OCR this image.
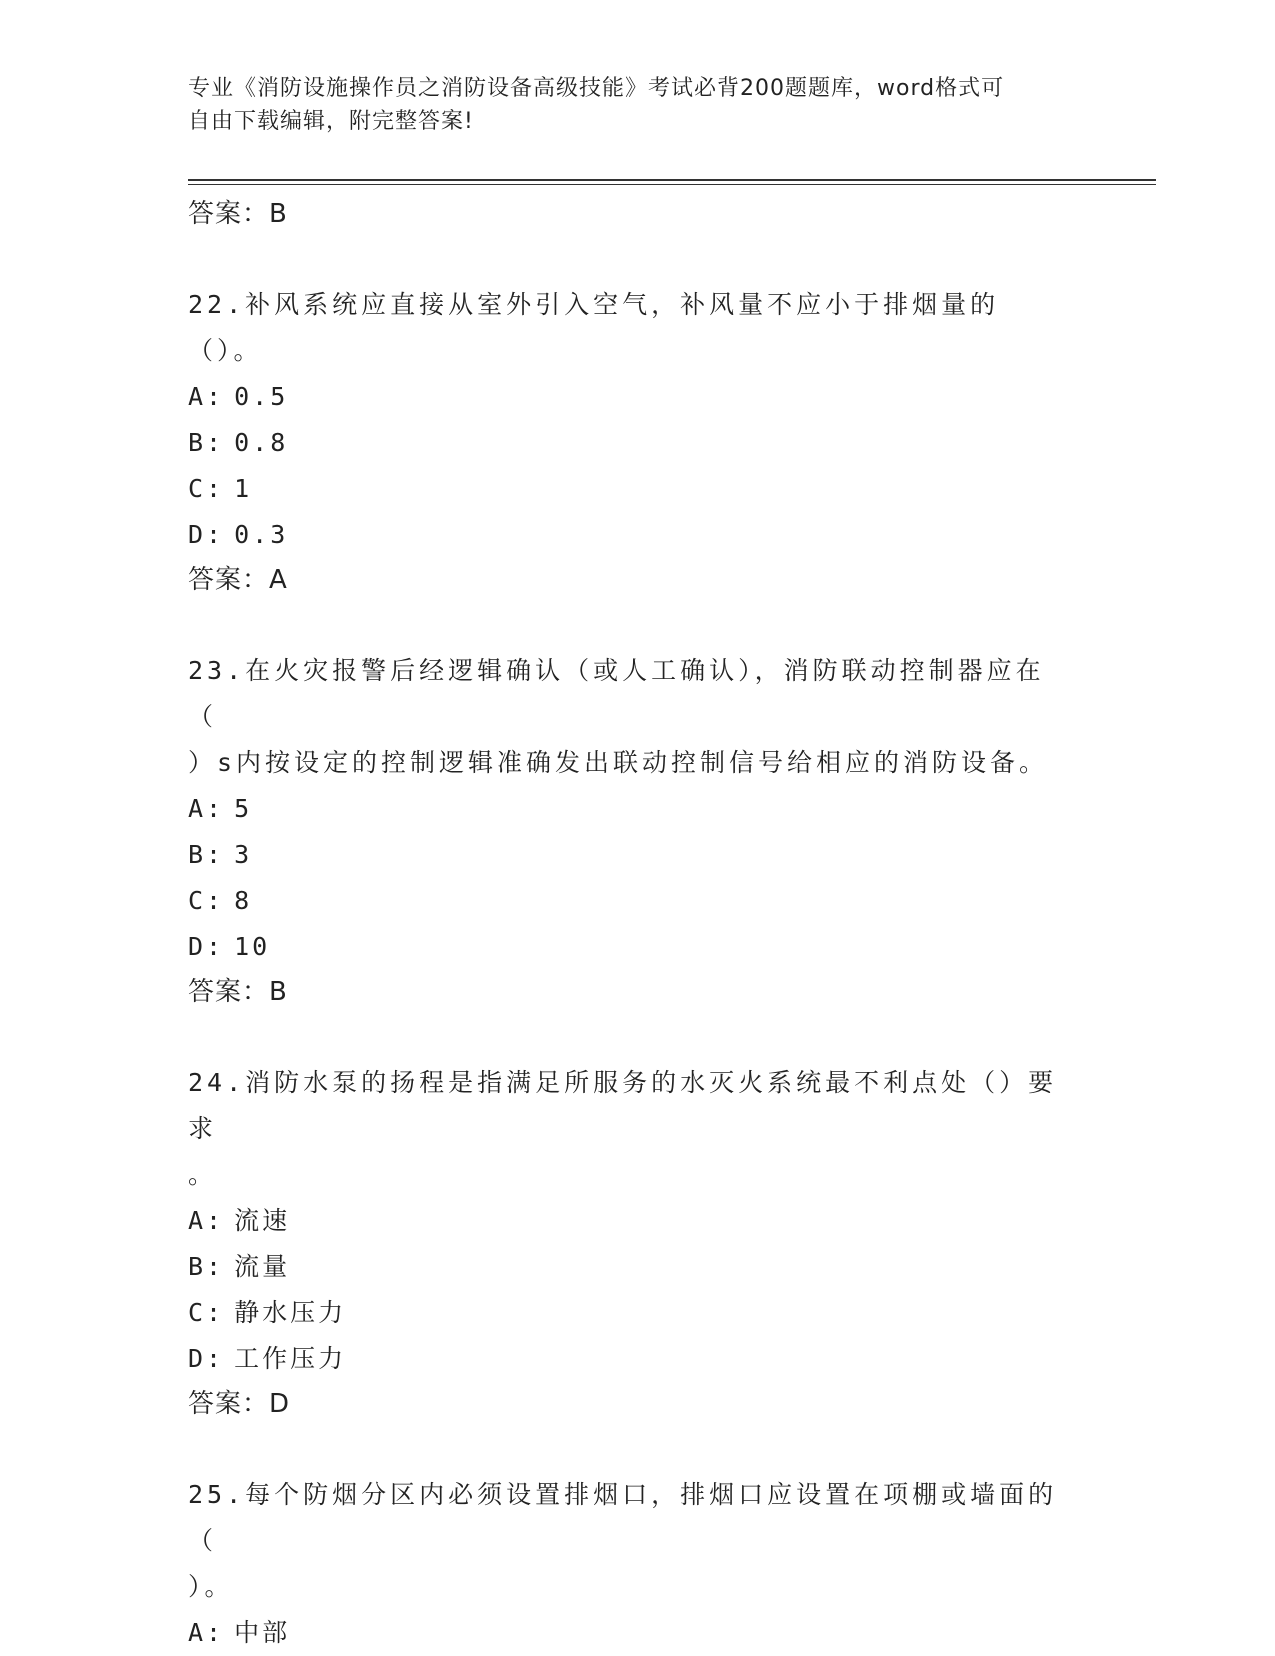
专业《消防设施操作员之消防设备高级技能》考试必背200题题库，word格式可
自由下载编辑，附完整答案!
答案：B
22.补风系统应直接从室外引入空气，补风量不应小于排烟量的（）。
A: 0.5
B: 0.8
C: 1
D: 0.3
答案：A
23.在火灾报警后经逻辑确认（或人工确认），消防联动控制器应在（
）s内按设定的控制逻辑准确发出联动控制信号给相应的消防设备。
A: 5
B: 3
C: 8
D: 10
答案：B
24.消防水泵的扬程是指满足所服务的水灭火系统最不利点处（）要求
。
A: 流速
B: 流量
C: 静水压力
D: 工作压力
答案：D
25.每个防烟分区内必须设置排烟口，排烟口应设置在项棚或墙面的（
）。
A: 中部
